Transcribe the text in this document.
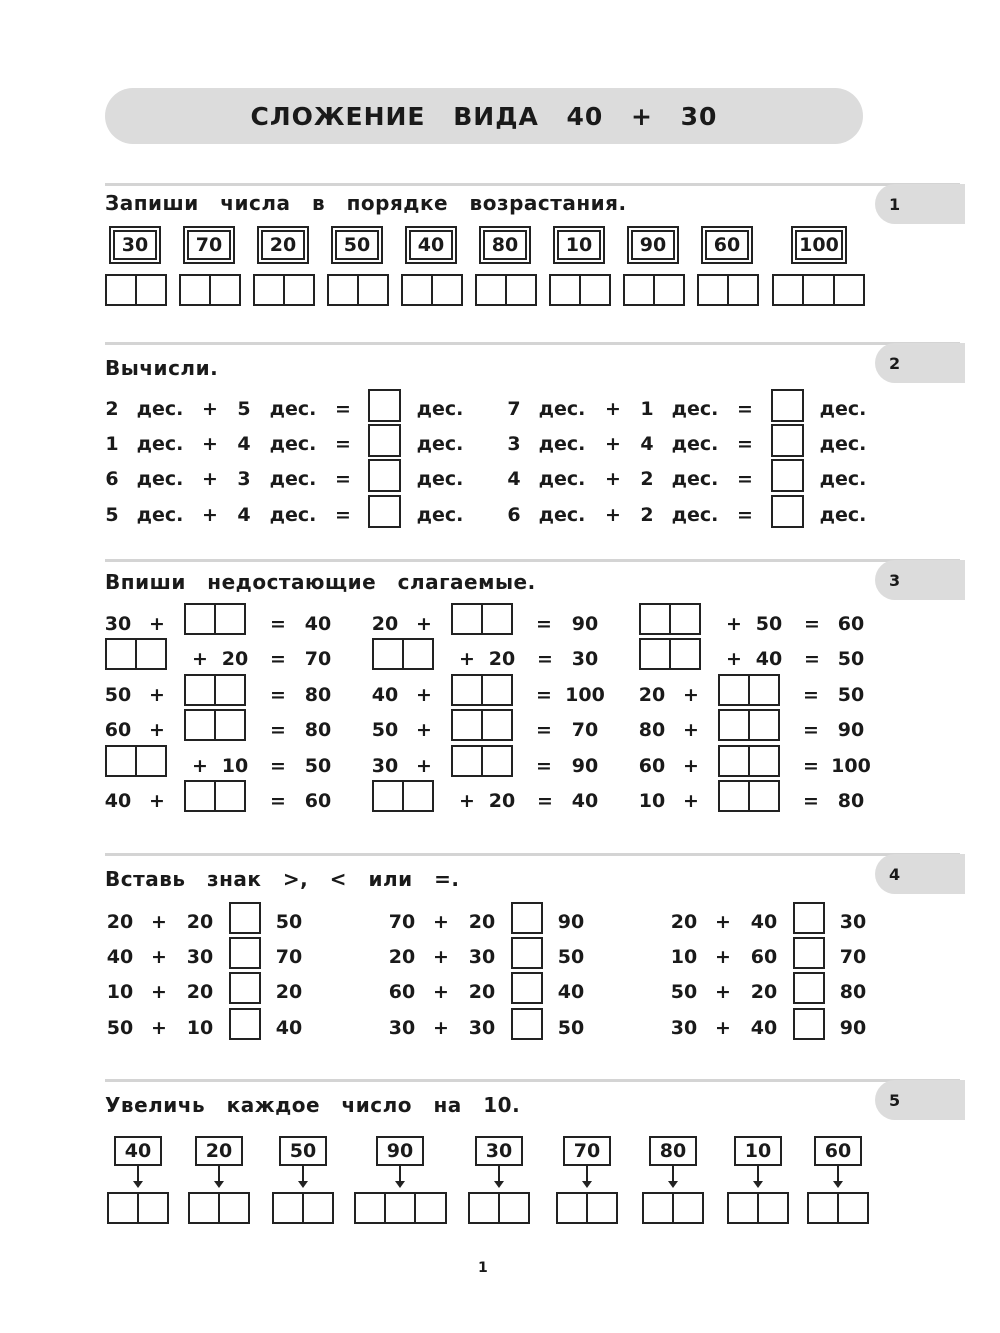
СЛОЖЕНИЕ ВИДА 40 + 30
1
Запиши числа в порядке возрастания.
30	70	20	50	40	80	10	90	60	100
2
Вычисли.
2 дес. + 5 дес. =	дес.
1 дес. + 4 дес. =	дес.
6 дес. + 3 дес. =	дес.
5 дес. + 4 дес. =	дес.
7 дес. + 1 дес. =	дес.
3 дес. + 4 дес. =	дес.
4 дес. + 2 дес. =	дес.
6 дес. + 2 дес. =	дес.
3
Впиши недостающие слагаемые.
30 +	= 40
+ 20 = 70
50 +	= 80
60 +	= 80
+ 10 = 50
40 +	= 60
20 +	= 90
+ 20 = 30
40 +	= 100
50 +	= 70
30 +	= 90
+ 20 = 40
+ 50 = 60
+ 40 = 50
20 +	= 50
80 +	= 90
60 +	= 100
10 +	= 80
4
Вставь знак >, < или =.
20 + 20	50
40 + 30	70
10 + 20	20
50 + 10	40
70 + 20	90
20 + 30	50
60 + 20	40
30 + 30	50
20 + 40	30
10 + 60	70
50 + 20	80
30 + 40	90
5
Увеличь каждое число на 10.
40	20	50	90	30	70	80	10	60
1
